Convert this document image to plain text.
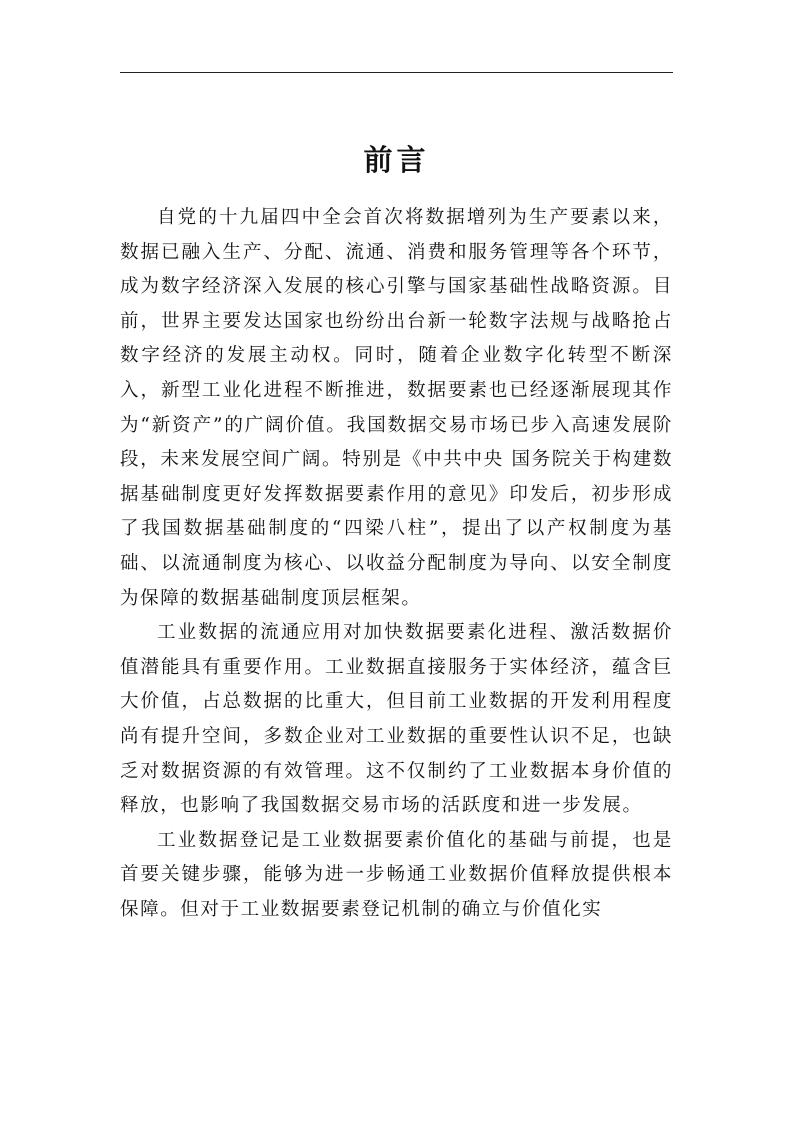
前言

自党的十九届四中全会首次将数据增列为生产要素以来，数据已融入生产、分配、流通、消费和服务管理等各个环节，成为数字经济深入发展的核心引擎与国家基础性战略资源。目前，世界主要发达国家也纷纷出台新一轮数字法规与战略抢占数字经济的发展主动权。同时，随着企业数字化转型不断深入，新型工业化进程不断推进，数据要素也已经逐渐展现其作为“新资产”的广阔价值。我国数据交易市场已步入高速发展阶段，未来发展空间广阔。特别是《中共中央 国务院关于构建数据基础制度更好发挥数据要素作用的意见》印发后，初步形成了我国数据基础制度的“四梁八柱”，提出了以产权制度为基础、以流通制度为核心、以收益分配制度为导向、以安全制度为保障的数据基础制度顶层框架。

工业数据的流通应用对加快数据要素化进程、激活数据价值潜能具有重要作用。工业数据直接服务于实体经济，蕴含巨大价值，占总数据的比重大，但目前工业数据的开发利用程度尚有提升空间，多数企业对工业数据的重要性认识不足，也缺乏对数据资源的有效管理。这不仅制约了工业数据本身价值的释放，也影响了我国数据交易市场的活跃度和进一步发展。

工业数据登记是工业数据要素价值化的基础与前提，也是首要关键步骤，能够为进一步畅通工业数据价值释放提供根本保障。但对于工业数据要素登记机制的确立与价值化实
